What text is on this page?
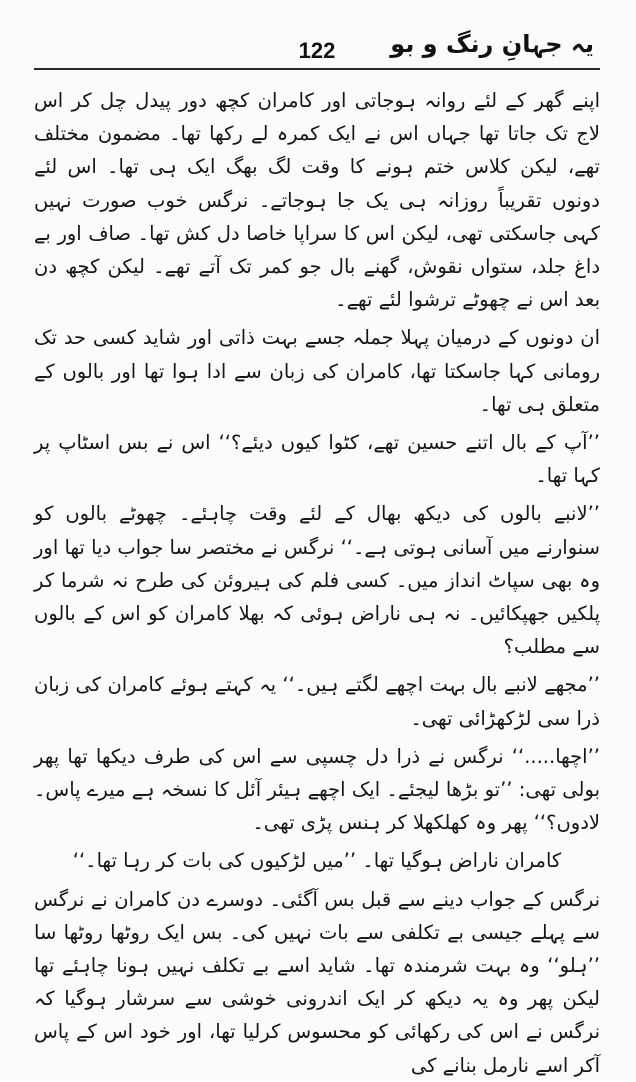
122	یہ جہانِ رنگ و بو

اپنے گھر کے لئے روانہ ہوجاتی اور کامران کچھ دور پیدل چل کر اس لاج تک جاتا تھا جہاں اس نے ایک کمرہ لے رکھا تھا۔ مضمون مختلف تھے، لیکن کلاس ختم ہونے کا وقت لگ بھگ ایک ہی تھا۔ اس لئے دونوں تقریباً روزانہ ہی یک جا ہوجاتے۔ نرگس خوب صورت نہیں کہی جاسکتی تھی، لیکن اس کا سراپا خاصا دل کش تھا۔ صاف اور بے داغ جلد، ستواں نقوش، گھنے بال جو کمر تک آتے تھے۔ لیکن کچھ دن بعد اس نے چھوٹے ترشوا لئے تھے۔

ان دونوں کے درمیان پہلا جملہ جسے بہت ذاتی اور شاید کسی حد تک رومانی کہا جاسکتا تھا، کامران کی زبان سے ادا ہوا تھا اور بالوں کے متعلق ہی تھا۔

’’آپ کے بال اتنے حسین تھے، کٹوا کیوں دیئے؟‘‘ اس نے بس اسٹاپ پر کہا تھا۔

’’لانبے بالوں کی دیکھ بھال کے لئے وقت چاہئے۔ چھوٹے بالوں کو سنوارنے میں آسانی ہوتی ہے۔‘‘ نرگس نے مختصر سا جواب دیا تھا اور وہ بھی سپاٹ انداز میں۔ کسی فلم کی ہیروئن کی طرح نہ شرما کر پلکیں جھپکائیں۔ نہ ہی ناراض ہوئی کہ بھلا کامران کو اس کے بالوں سے مطلب؟

’’مجھے لانبے بال بہت اچھے لگتے ہیں۔‘‘ یہ کہتے ہوئے کامران کی زبان ذرا سی لڑکھڑائی تھی۔

’’اچھا.....‘‘ نرگس نے ذرا دل چسپی سے اس کی طرف دیکھا تھا پھر بولی تھی: ’’تو بڑھا لیجئے۔ ایک اچھے ہیئر آئل کا نسخہ ہے میرے پاس۔ لادوں؟‘‘ پھر وہ کھلکھلا کر ہنس پڑی تھی۔

کامران ناراض ہوگیا تھا۔ ’’میں لڑکیوں کی بات کر رہا تھا۔‘‘

نرگس کے جواب دینے سے قبل بس آگئی۔ دوسرے دن کامران نے نرگس سے پہلے جیسی بے تکلفی سے بات نہیں کی۔ بس ایک روٹھا روٹھا سا ’’ہلو‘‘ وہ بہت شرمندہ تھا۔ شاید اسے بے تکلف نہیں ہونا چاہئے تھا لیکن پھر وہ یہ دیکھ کر ایک اندرونی خوشی سے سرشار ہوگیا کہ نرگس نے اس کی رکھائی کو محسوس کرلیا تھا، اور خود اس کے پاس آکر اسے نارمل بنانے کی
